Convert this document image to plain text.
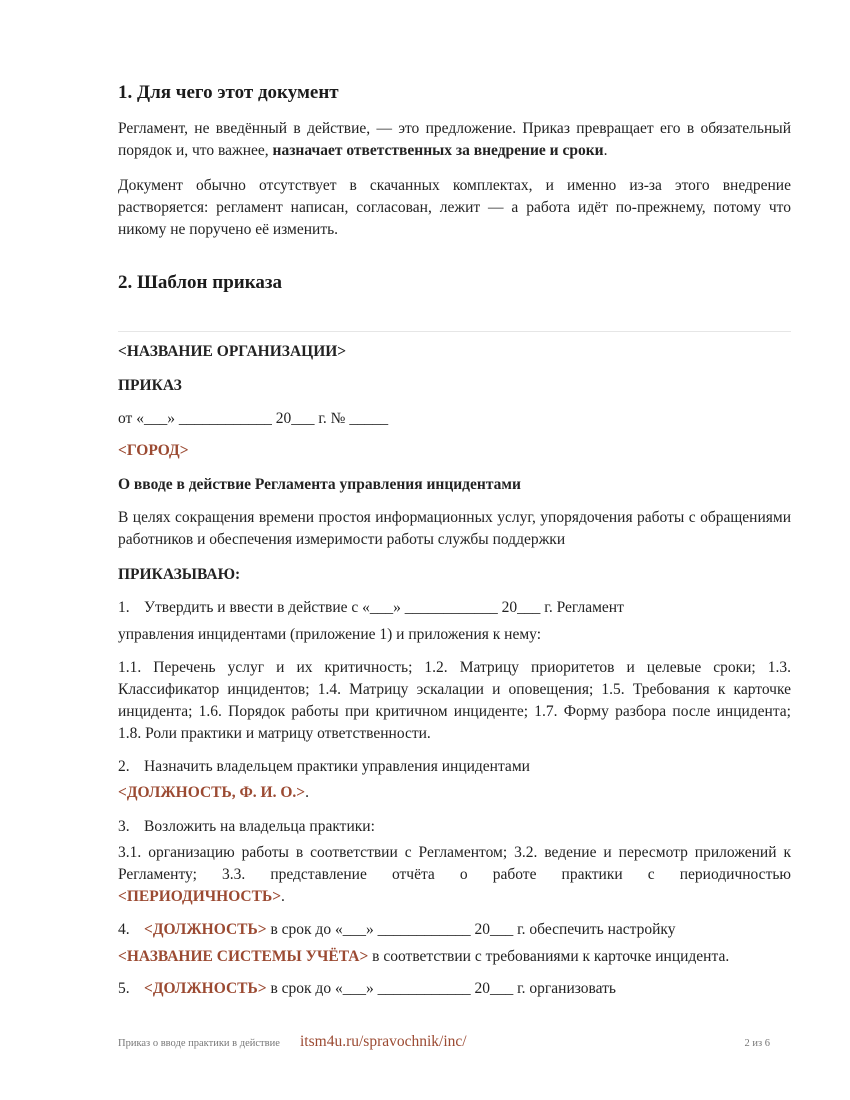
1. Для чего этот документ

Регламент, не введённый в действие, — это предложение. Приказ превращает его в обязательный порядок и, что важнее, назначает ответственных за внедрение и сроки.

Документ обычно отсутствует в скачанных комплектах, и именно из-за этого внедрение растворяется: регламент написан, согласован, лежит — а работа идёт по-прежнему, потому что никому не поручено её изменить.

2. Шаблон приказа

<НАЗВАНИЕ ОРГАНИЗАЦИИ>

ПРИКАЗ

от «___» ____________ 20___ г. № _____

<ГОРОД>

О вводе в действие Регламента управления инцидентами

В целях сокращения времени простоя информационных услуг, упорядочения работы с обращениями работников и обеспечения измеримости работы службы поддержки

ПРИКАЗЫВАЮ:

1. Утвердить и ввести в действие с «___» ____________ 20___ г. Регламент

управления инцидентами (приложение 1) и приложения к нему:

1.1. Перечень услуг и их критичность; 1.2. Матрицу приоритетов и целевые сроки; 1.3. Классификатор инцидентов; 1.4. Матрицу эскалации и оповещения; 1.5. Требования к карточке инцидента; 1.6. Порядок работы при критичном инциденте; 1.7. Форму разбора после инцидента; 1.8. Роли практики и матрицу ответственности.

2. Назначить владельцем практики управления инцидентами

<ДОЛЖНОСТЬ, Ф. И. О.>.

3. Возложить на владельца практики:

3.1. организацию работы в соответствии с Регламентом; 3.2. ведение и пересмотр приложений к Регламенту; 3.3. представление отчёта о работе практики с периодичностью <ПЕРИОДИЧНОСТЬ>.

4. <ДОЛЖНОСТЬ> в срок до «___» ____________ 20___ г. обеспечить настройку

<НАЗВАНИЕ СИСТЕМЫ УЧЁТА> в соответствии с требованиями к карточке инцидента.

5. <ДОЛЖНОСТЬ> в срок до «___» ____________ 20___ г. организовать

Приказ о вводе практики в действие itsm4u.ru/spravochnik/inc/	2 из 6
